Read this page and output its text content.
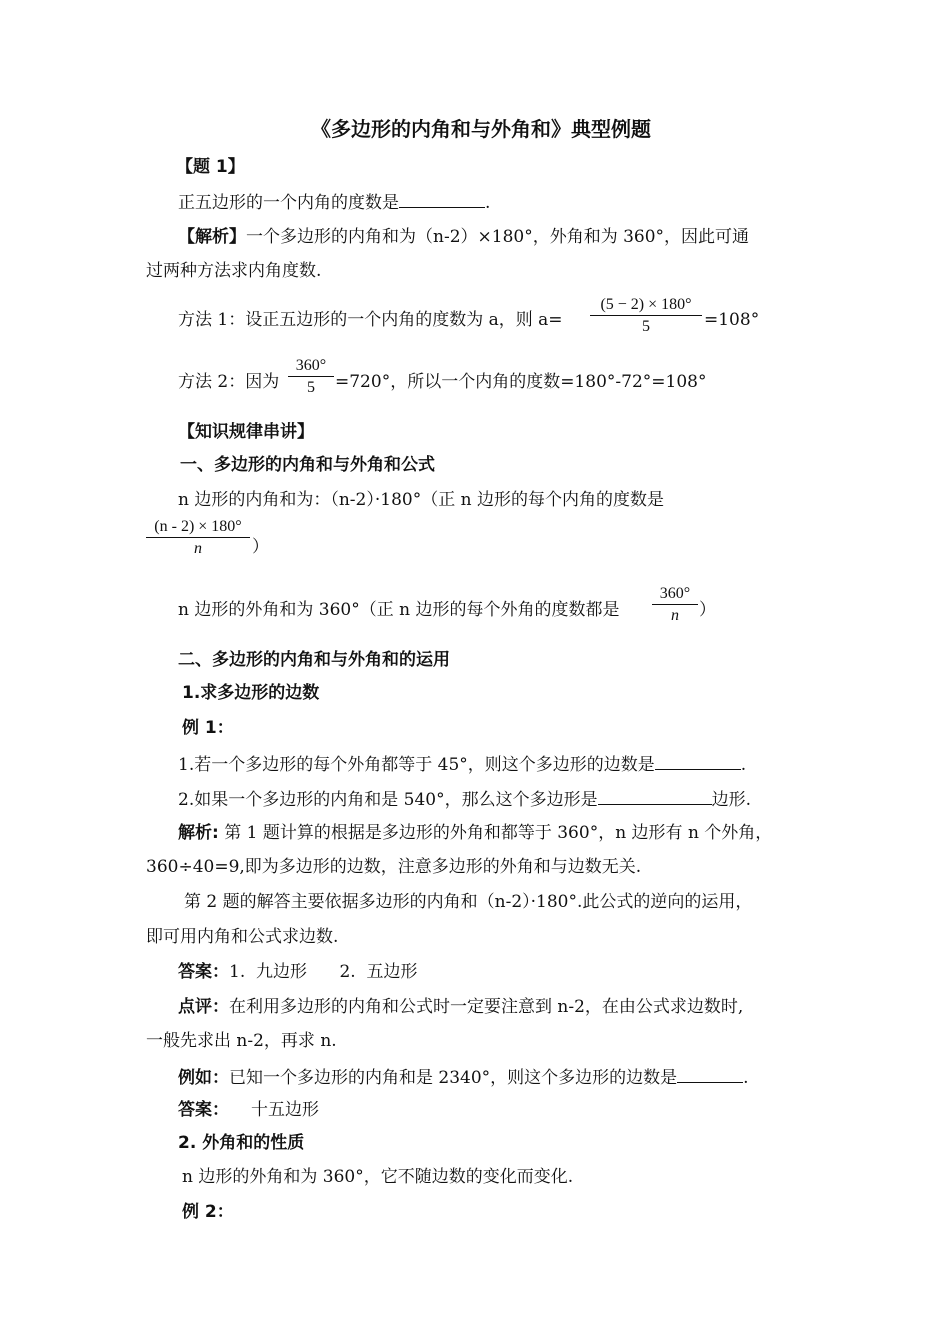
《多边形的内角和与外角和》典型例题
【题 1】
正五边形的一个内角的度数是	.
【解析】一个多边形的内角和为（n-2）×180°，外角和为 360°，因此可通
过两种方法求内角度数.
方法 1：设正五边形的一个内角的度数为 a，则 a=
(5 − 2) × 180°
5	=108°
方法 2：因为
360°
5	=720°，所以一个内角的度数=180°-72°=108°
【知识规律串讲】
一、多边形的内角和与外角和公式
n 边形的内角和为：（n-2）·180°（正 n 边形的每个内角的度数是
(n - 2) × 180°
n	）
n 边形的外角和为 360°（正 n 边形的每个外角的度数都是
360°
n	）
二、多边形的内角和与外角和的运用
1.求多边形的边数
例 1：
1.若一个多边形的每个外角都等于 45°，则这个多边形的边数是	.
2.如果一个多边形的内角和是 540°，那么这个多边形是	边形.
解析: 第 1 题计算的根据是多边形的外角和都等于 360°，n 边形有 n 个外角，
360÷40=9,即为多边形的边数，注意多边形的外角和与边数无关.
第 2 题的解答主要依据多边形的内角和（n-2）·180°.此公式的逆向的运用，
即可用内角和公式求边数.
答案：1.  九边形      2.  五边形
点评：在利用多边形的内角和公式时一定要注意到 n-2，在由公式求边数时,
一般先求出 n-2，再求 n.
例如：已知一个多边形的内角和是 2340°，则这个多边形的边数是	.
答案： 十五边形
2. 外角和的性质
n 边形的外角和为 360°，它不随边数的变化而变化.
例 2：
